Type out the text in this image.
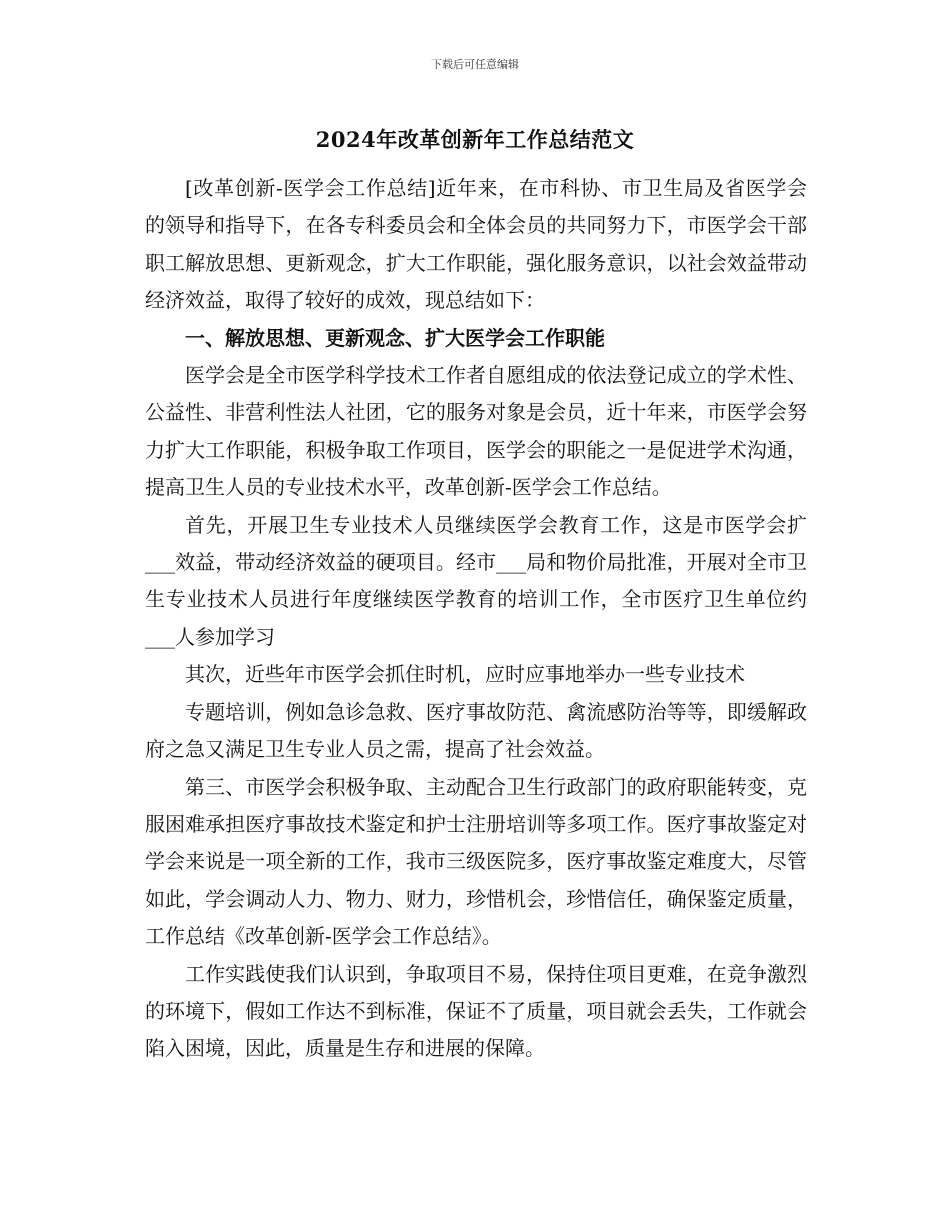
下载后可任意编辑
2024年改革创新年工作总结范文

[改革创新-医学会工作总结]近年来，在市科协、市卫生局及省医学会的领导和指导下，在各专科委员会和全体会员的共同努力下，市医学会干部职工解放思想、更新观念，扩大工作职能，强化服务意识，以社会效益带动经济效益，取得了较好的成效，现总结如下：

一、解放思想、更新观念、扩大医学会工作职能

医学会是全市医学科学技术工作者自愿组成的依法登记成立的学术性、公益性、非营利性法人社团，它的服务对象是会员，近十年来，市医学会努力扩大工作职能，积极争取工作项目，医学会的职能之一是促进学术沟通，提高卫生人员的专业技术水平，改革创新-医学会工作总结。

首先，开展卫生专业技术人员继续医学会教育工作，这是市医学会扩___效益，带动经济效益的硬项目。经市___局和物价局批准，开展对全市卫生专业技术人员进行年度继续医学教育的培训工作，全市医疗卫生单位约___人参加学习

其次，近些年市医学会抓住时机，应时应事地举办一些专业技术

专题培训，例如急诊急救、医疗事故防范、禽流感防治等等，即缓解政府之急又满足卫生专业人员之需，提高了社会效益。

第三、市医学会积极争取、主动配合卫生行政部门的政府职能转变，克服困难承担医疗事故技术鉴定和护士注册培训等多项工作。医疗事故鉴定对学会来说是一项全新的工作，我市三级医院多，医疗事故鉴定难度大，尽管如此，学会调动人力、物力、财力，珍惜机会，珍惜信任，确保鉴定质量，工作总结《改革创新-医学会工作总结》。

工作实践使我们认识到，争取项目不易，保持住项目更难，在竞争激烈的环境下，假如工作达不到标准，保证不了质量，项目就会丢失，工作就会陷入困境，因此，质量是生存和进展的保障。
